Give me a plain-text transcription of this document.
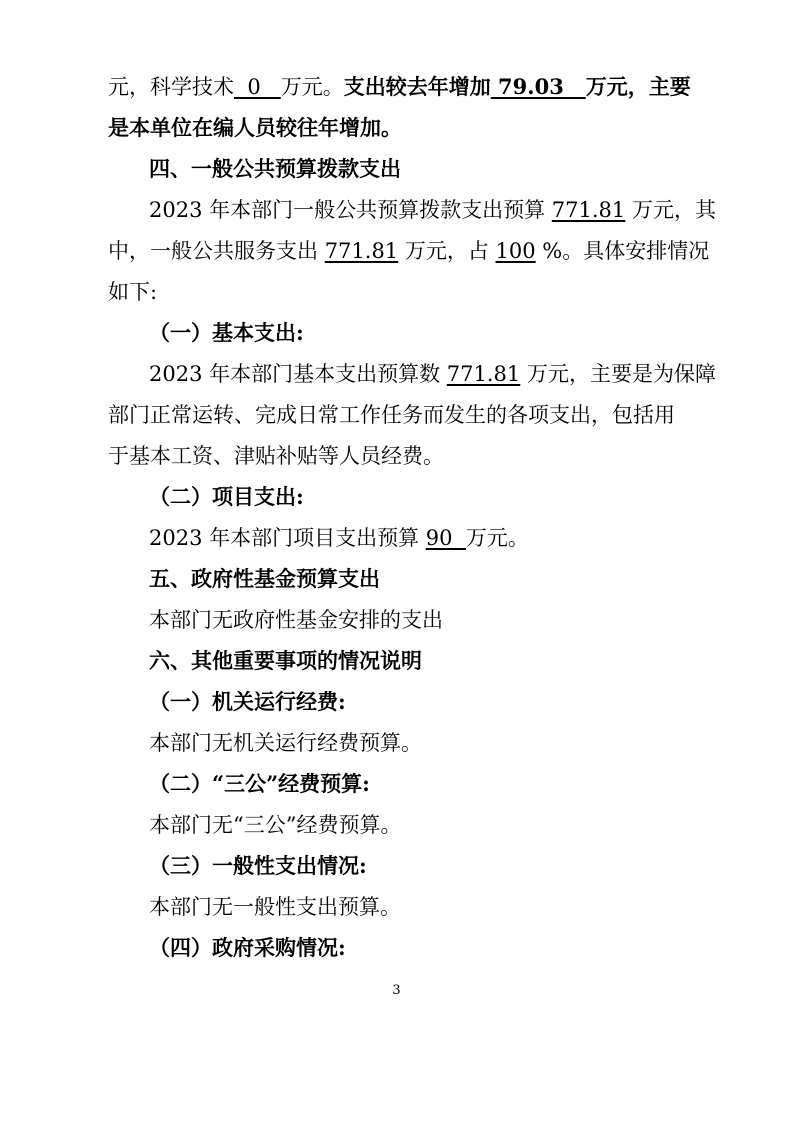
元，科学技术  0   万元。支出较去年增加 79.03   万元，主要
是本单位在编人员较往年增加。
四、一般公共预算拨款支出
2023 年本部门一般公共预算拨款支出预算 771.81 万元，其
中，一般公共服务支出 771.81 万元，占 100 %。具体安排情况
如下:
（一）基本支出:
2023 年本部门基本支出预算数 771.81 万元，主要是为保障
部门正常运转、完成日常工作任务而发生的各项支出，包括用
于基本工资、津贴补贴等人员经费。
（二）项目支出:
2023 年本部门项目支出预算 90  万元。
五、政府性基金预算支出
本部门无政府性基金安排的支出
六、其他重要事项的情况说明
（一）机关运行经费:
本部门无机关运行经费预算。
（二）“三公”经费预算:
本部门无“三公”经费预算。
（三）一般性支出情况:
本部门无一般性支出预算。
（四）政府采购情况:
3
